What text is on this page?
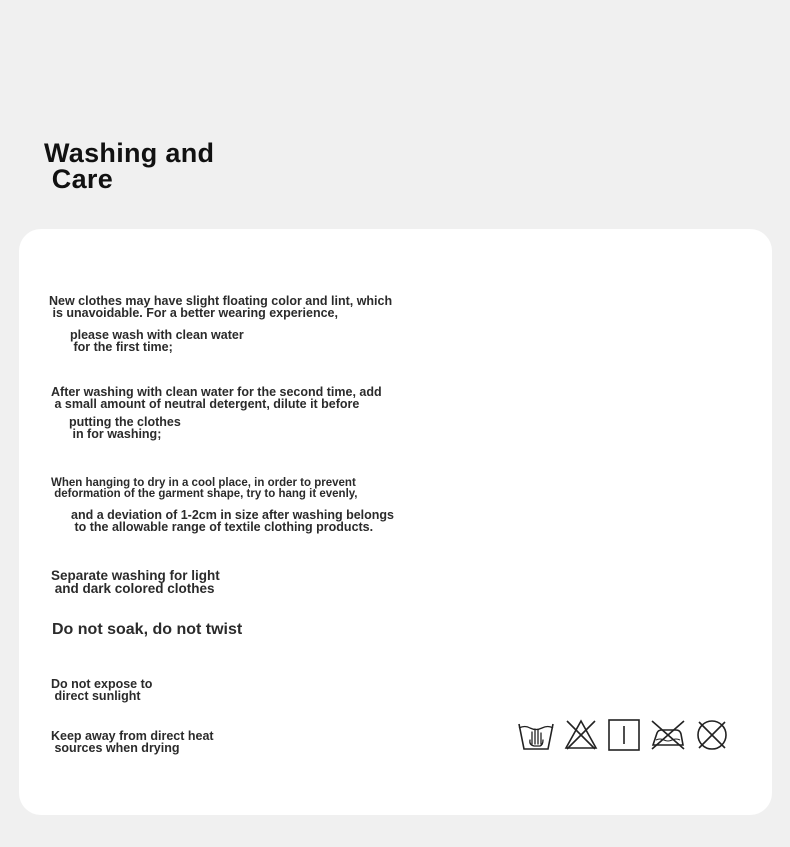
Washing and
Care
New clothes may have slight floating color and lint, which
is unavoidable. For a better wearing experience,
please wash with clean water
for the first time;
After washing with clean water for the second time, add
a small amount of neutral detergent, dilute it before
putting the clothes
in for washing;
When hanging to dry in a cool place, in order to prevent
deformation of the garment shape, try to hang it evenly,
and a deviation of 1-2cm in size after washing belongs
to the allowable range of textile clothing products.
Separate washing for light
and dark colored clothes
Do not soak, do not twist
Do not expose to
direct sunlight
Keep away from direct heat
sources when drying
